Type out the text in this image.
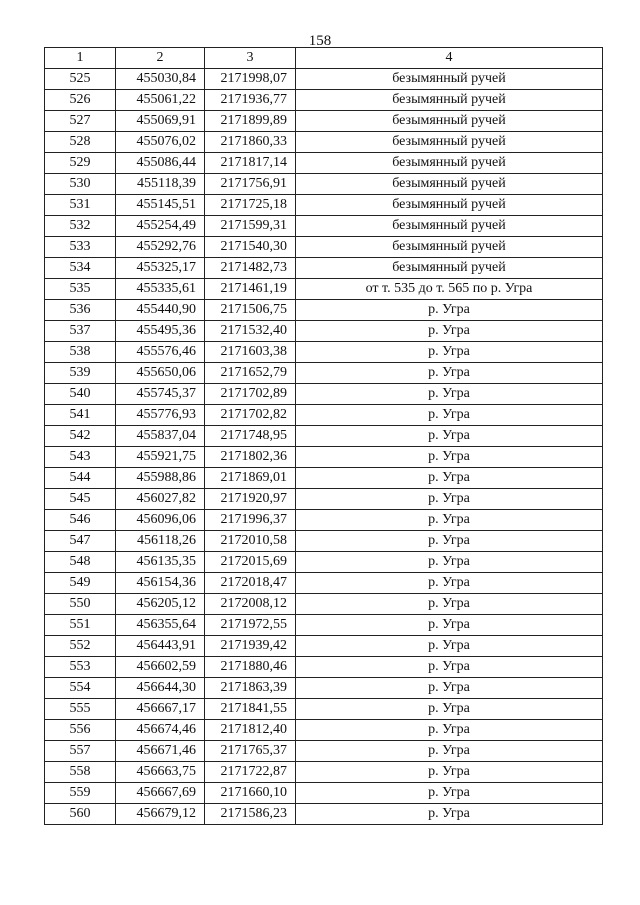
158
1	2	3	4
525	455030,84	2171998,07	безымянный ручей
526	455061,22	2171936,77	безымянный ручей
527	455069,91	2171899,89	безымянный ручей
528	455076,02	2171860,33	безымянный ручей
529	455086,44	2171817,14	безымянный ручей
530	455118,39	2171756,91	безымянный ручей
531	455145,51	2171725,18	безымянный ручей
532	455254,49	2171599,31	безымянный ручей
533	455292,76	2171540,30	безымянный ручей
534	455325,17	2171482,73	безымянный ручей
535	455335,61	2171461,19	от т. 535 до т. 565 по р. Угра
536	455440,90	2171506,75	р. Угра
537	455495,36	2171532,40	р. Угра
538	455576,46	2171603,38	р. Угра
539	455650,06	2171652,79	р. Угра
540	455745,37	2171702,89	р. Угра
541	455776,93	2171702,82	р. Угра
542	455837,04	2171748,95	р. Угра
543	455921,75	2171802,36	р. Угра
544	455988,86	2171869,01	р. Угра
545	456027,82	2171920,97	р. Угра
546	456096,06	2171996,37	р. Угра
547	456118,26	2172010,58	р. Угра
548	456135,35	2172015,69	р. Угра
549	456154,36	2172018,47	р. Угра
550	456205,12	2172008,12	р. Угра
551	456355,64	2171972,55	р. Угра
552	456443,91	2171939,42	р. Угра
553	456602,59	2171880,46	р. Угра
554	456644,30	2171863,39	р. Угра
555	456667,17	2171841,55	р. Угра
556	456674,46	2171812,40	р. Угра
557	456671,46	2171765,37	р. Угра
558	456663,75	2171722,87	р. Угра
559	456667,69	2171660,10	р. Угра
560	456679,12	2171586,23	р. Угра
